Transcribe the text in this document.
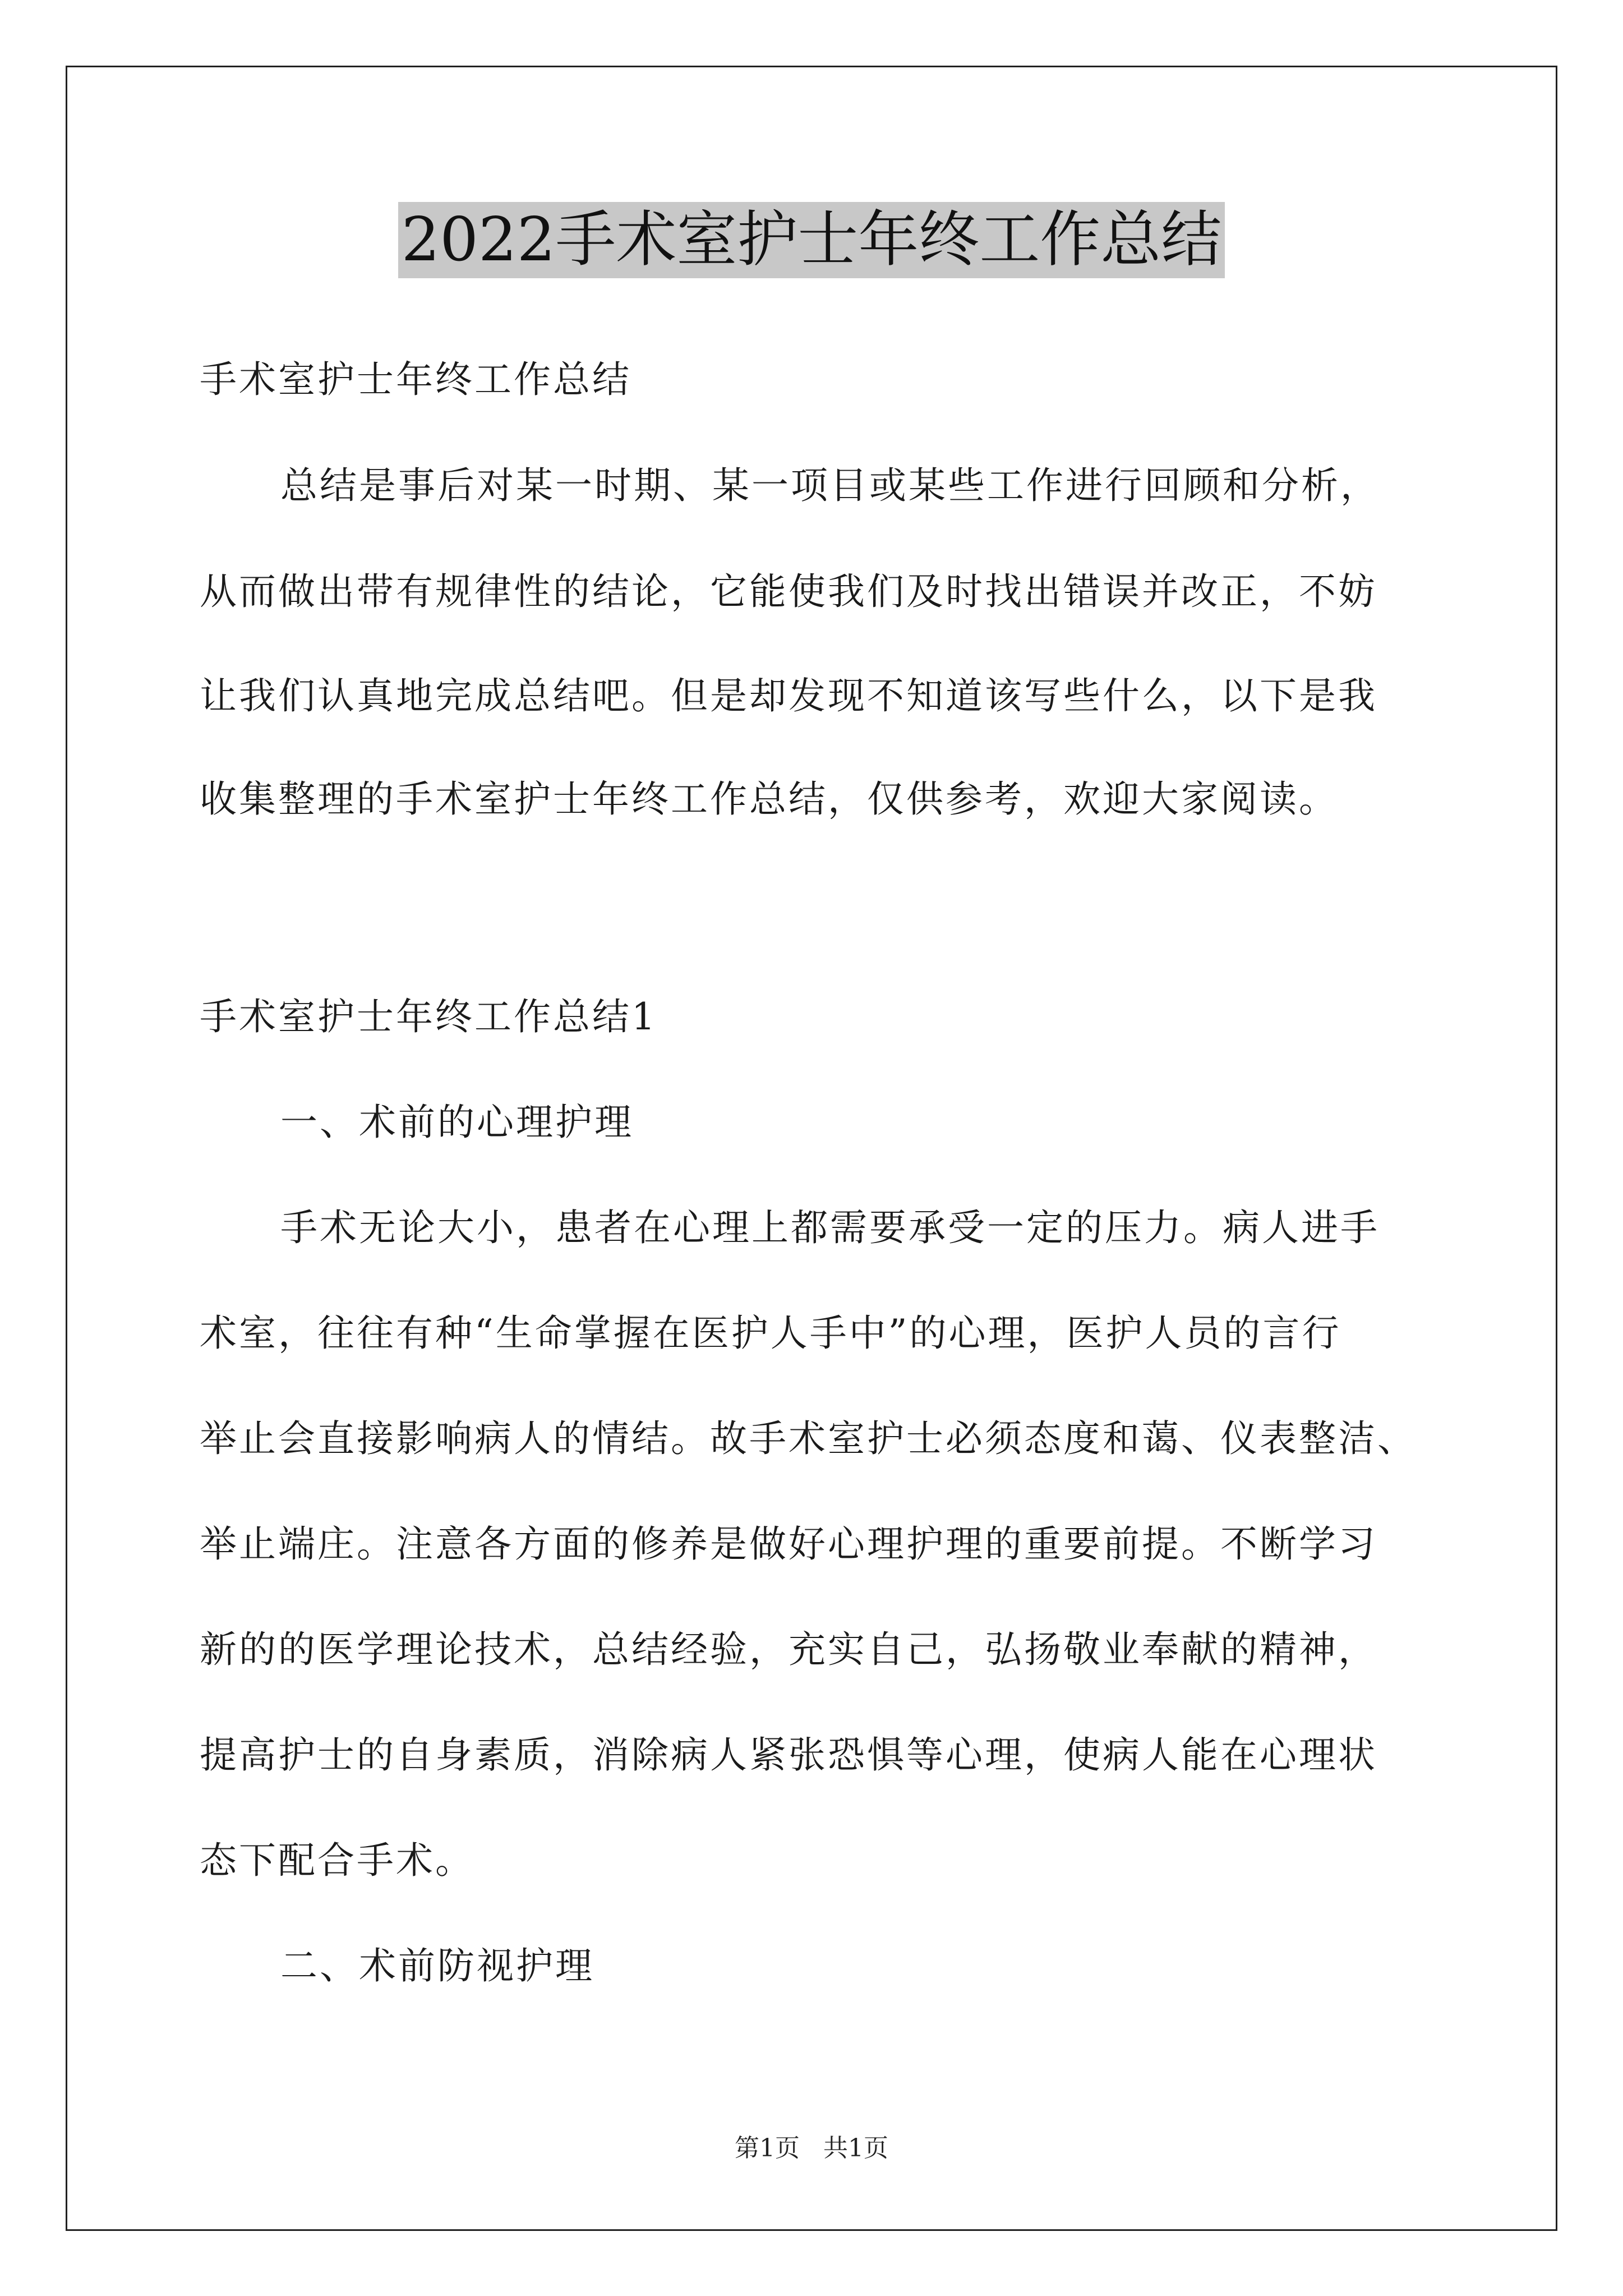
2022手术室护士年终工作总结
手术室护士年终工作总结
总结是事后对某一时期、某一项目或某些工作进行回顾和分析，
从而做出带有规律性的结论，它能使我们及时找出错误并改正，不妨
让我们认真地完成总结吧。但是却发现不知道该写些什么，以下是我
收集整理的手术室护士年终工作总结，仅供参考，欢迎大家阅读。
手术室护士年终工作总结1
一、术前的心理护理
手术无论大小，患者在心理上都需要承受一定的压力。病人进手
术室，往往有种“生命掌握在医护人手中”的心理，医护人员的言行
举止会直接影响病人的情结。故手术室护士必须态度和蔼、仪表整洁、
举止端庄。注意各方面的修养是做好心理护理的重要前提。不断学习
新的的医学理论技术，总结经验，充实自己，弘扬敬业奉献的精神，
提高护士的自身素质，消除病人紧张恐惧等心理，使病人能在心理状
态下配合手术。
二、术前防视护理
第1页 共1页
